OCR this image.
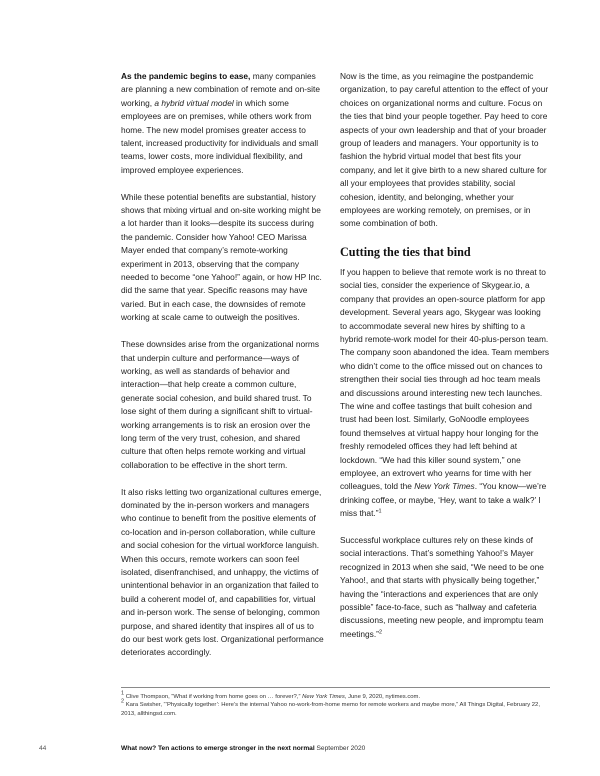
As the pandemic begins to ease, many companies are planning a new combination of remote and on-site working, a hybrid virtual model in which some employees are on premises, while others work from home. The new model promises greater access to talent, increased productivity for individuals and small teams, lower costs, more individual flexibility, and improved employee experiences.

While these potential benefits are substantial, history shows that mixing virtual and on-site working might be a lot harder than it looks—despite its success during the pandemic. Consider how Yahoo! CEO Marissa Mayer ended that company’s remote-working experiment in 2013, observing that the company needed to become “one Yahoo!” again, or how HP Inc. did the same that year. Specific reasons may have varied. But in each case, the downsides of remote working at scale came to outweigh the positives.

These downsides arise from the organizational norms that underpin culture and performance—ways of working, as well as standards of behavior and interaction—that help create a common culture, generate social cohesion, and build shared trust. To lose sight of them during a significant shift to virtual-working arrangements is to risk an erosion over the long term of the very trust, cohesion, and shared culture that often helps remote working and virtual collaboration to be effective in the short term.

It also risks letting two organizational cultures emerge, dominated by the in-person workers and managers who continue to benefit from the positive elements of co-location and in-person collaboration, while culture and social cohesion for the virtual workforce languish. When this occurs, remote workers can soon feel isolated, disenfranchised, and unhappy, the victims of unintentional behavior in an organization that failed to build a coherent model of, and capabilities for, virtual and in-person work. The sense of belonging, common purpose, and shared identity that inspires all of us to do our best work gets lost. Organizational performance deteriorates accordingly.

Now is the time, as you reimagine the postpandemic organization, to pay careful attention to the effect of your choices on organizational norms and culture. Focus on the ties that bind your people together. Pay heed to core aspects of your own leadership and that of your broader group of leaders and managers. Your opportunity is to fashion the hybrid virtual model that best fits your company, and let it give birth to a new shared culture for all your employees that provides stability, social cohesion, identity, and belonging, whether your employees are working remotely, on premises, or in some combination of both.

Cutting the ties that bind

If you happen to believe that remote work is no threat to social ties, consider the experience of Skygear.io, a company that provides an open-source platform for app development. Several years ago, Skygear was looking to accommodate several new hires by shifting to a hybrid remote-work model for their 40-plus-person team. The company soon abandoned the idea. Team members who didn’t come to the office missed out on chances to strengthen their social ties through ad hoc team meals and discussions around interesting new tech launches. The wine and coffee tastings that built cohesion and trust had been lost. Similarly, GoNoodle employees found themselves at virtual happy hour longing for the freshly remodeled offices they had left behind at lockdown. “We had this killer sound system,” one employee, an extrovert who yearns for time with her colleagues, told the New York Times. “You know—we’re drinking coffee, or maybe, ‘Hey, want to take a walk?’ I miss that.”$^1$

Successful workplace cultures rely on these kinds of social interactions. That’s something Yahoo!’s Mayer recognized in 2013 when she said, “We need to be one Yahoo!, and that starts with physically being together,” having the “interactions and experiences that are only possible” face-to-face, such as “hallway and cafeteria discussions, meeting new people, and impromptu team meetings.”$^2$

$^1$ Clive Thompson, “What if working from home goes on … forever?,” New York Times, June 9, 2020, nytimes.com.
$^2$ Kara Swisher, “‘Physically together’: Here’s the internal Yahoo no-work-from-home memo for remote workers and maybe more,” All Things Digital, February 22, 2013, allthingsd.com.
44	What now? Ten actions to emerge stronger in the next normal September 2020
